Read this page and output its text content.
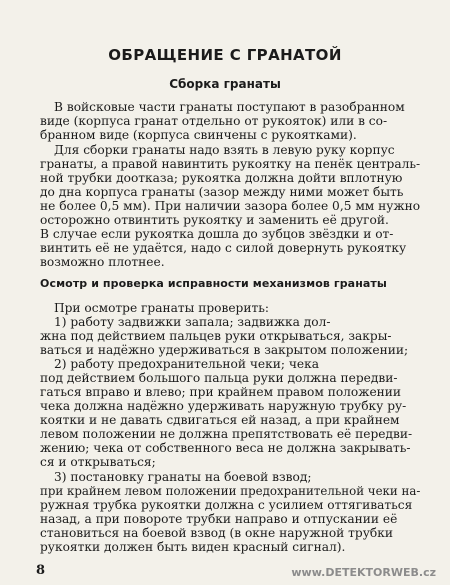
ОБРАЩЕНИЕ С ГРАНАТОЙ
Сборка гранаты
В войсковые части гранаты поступают в разобранном
виде (корпуса гранат отдельно от рукояток) или в со-
бранном виде (корпуса свинчены с рукоятками).
Для сборки гранаты надо взять в левую руку корпус
гранаты, а правой навинтить рукоятку на пенёк централь-
ной трубки доотказа; рукоятка должна дойти вплотную
до дна корпуса гранаты (зазор между ними может быть
не более 0,5 мм). При наличии зазора более 0,5 мм нужно
осторожно отвинтить рукоятку и заменить её другой.
В случае если рукоятка дошла до зубцов звёздки и от-
винтить её не удаётся, надо с силой довернуть рукоятку
возможно плотнее.
Осмотр и проверка исправности механизмов гранаты
При осмотре гранаты проверить:
1) работу задвижки запала; задвижка дол-
жна под действием пальцев руки открываться, закры-
ваться и надёжно удерживаться в закрытом положении;
2) работу предохранительной чеки; чека
под действием большого пальца руки должна передви-
гаться вправо и влево; при крайнем правом положении
чека должна надёжно удерживать наружную трубку ру-
коятки и не давать сдвигаться ей назад, а при крайнем
левом положении не должна препятствовать её передви-
жению; чека от собственного веса не должна закрывать-
ся и открываться;
3) постановку гранаты на боевой взвод;
при крайнем левом положении предохранительной чеки на-
ружная трубка рукоятки должна с усилием оттягиваться
назад, а при повороте трубки направо и отпускании её
становиться на боевой взвод (в окне наружной трубки
рукоятки должен быть виден красный сигнал).
8	www.DETEKTORWEB.cz
